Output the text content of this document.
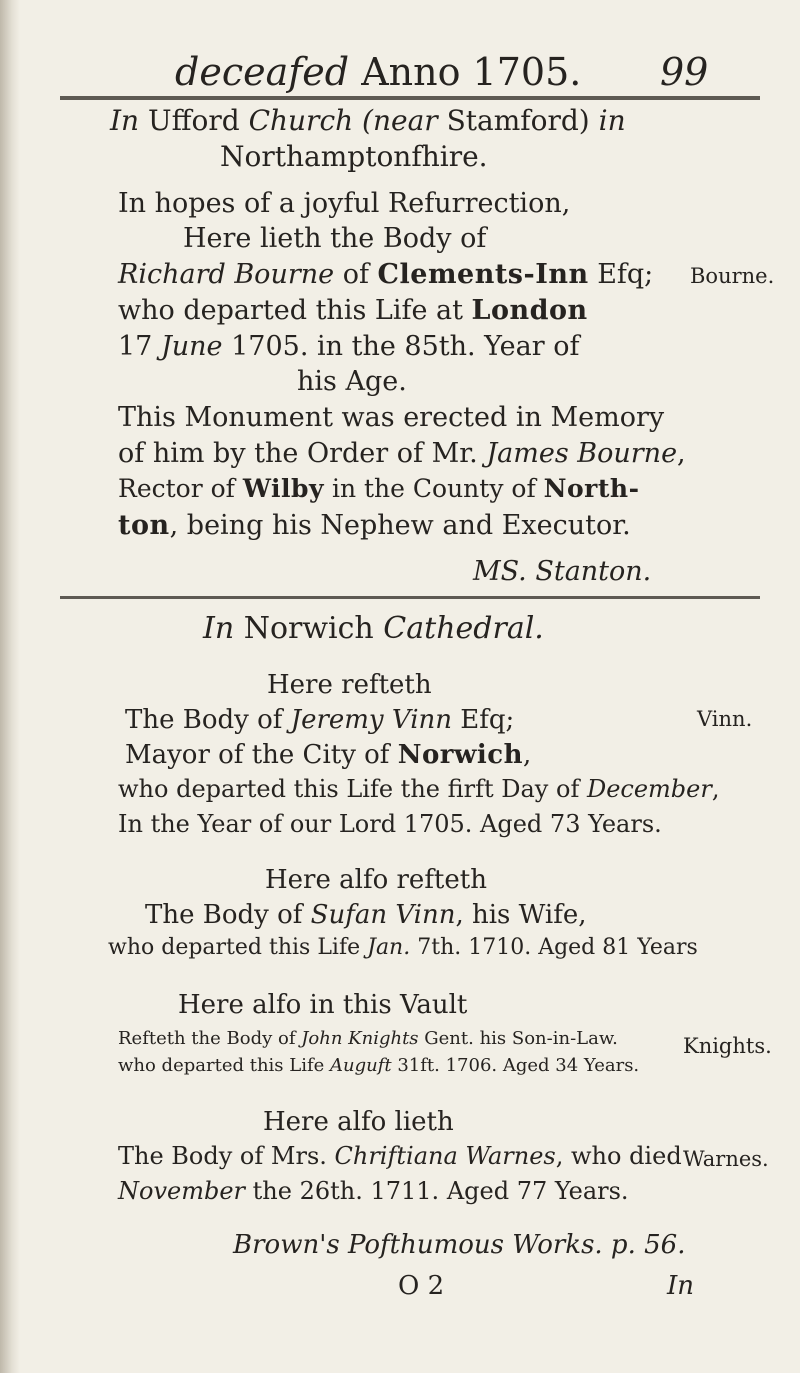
deceafed Anno 1705. 99
In Ufford Church (near Stamford) in
Northamptonfhire.
In hopes of a joyful Refurrection,
Here lieth the Body of
Richard Bourne of Clements-Inn Efq;
who departed this Life at London
17 June 1705. in the 85th. Year of
his Age.
This Monument was erected in Memory
of him by the Order of Mr. James Bourne,
Rector of Wilby in the County of North-
ton, being his Nephew and Executor.
MS. Stanton.
Bourne.
In Norwich Cathedral.
Here refteth
The Body of Jeremy Vinn Efq;
Mayor of the City of Norwich,
who departed this Life the firft Day of December,
In the Year of our Lord 1705. Aged 73 Years.
Here alfo refteth
The Body of Sufan Vinn, his Wife,
who departed this Life Jan. 7th. 1710. Aged 81 Years
Here alfo in this Vault
Refteth the Body of John Knights Gent. his Son-in-Law.
who departed this Life Auguft 31ft. 1706. Aged 34 Years.
Here alfo lieth
The Body of Mrs. Chriftiana Warnes, who died
November the 26th. 1711. Aged 77 Years.
Brown's Pofthumous Works. p. 56.
Vinn.
Knights.
Warnes.
O 2	In
